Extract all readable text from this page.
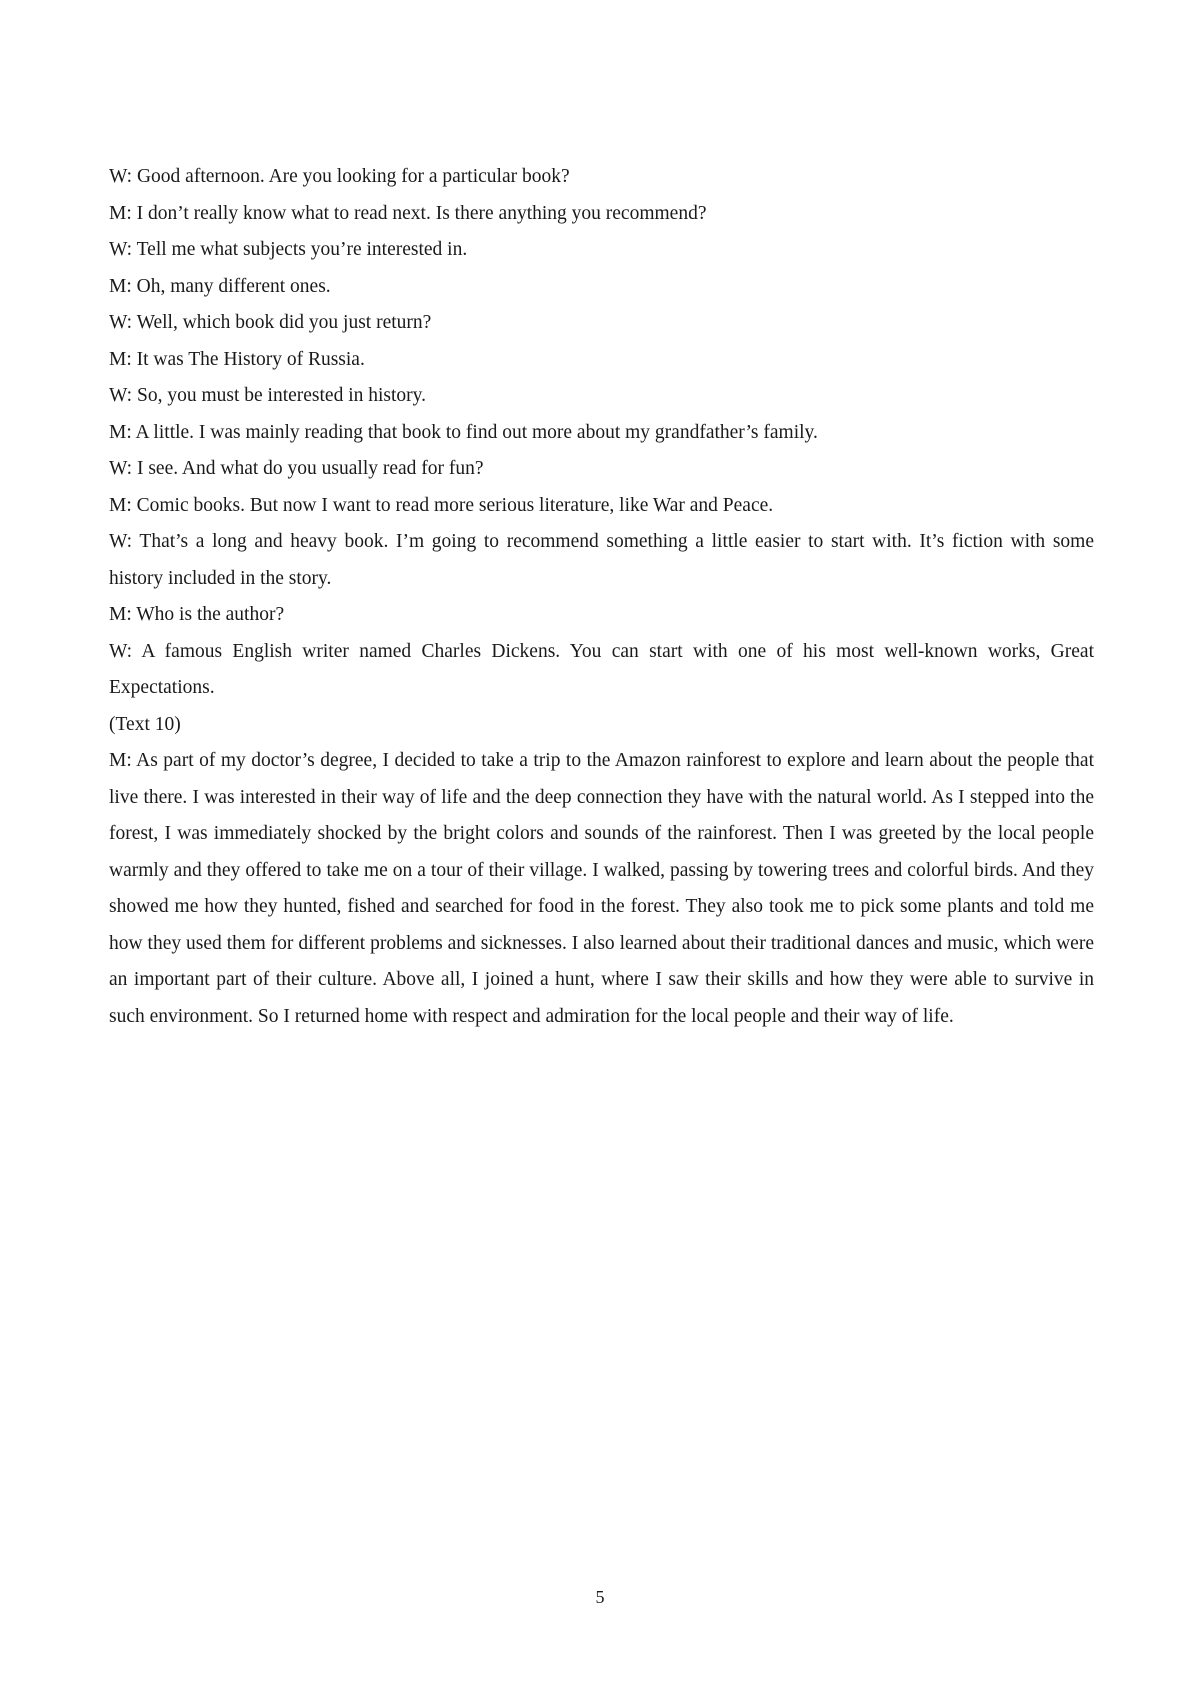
W: Good afternoon. Are you looking for a particular book?

M: I don’t really know what to read next. Is there anything you recommend?

W: Tell me what subjects you’re interested in.

M: Oh, many different ones.

W: Well, which book did you just return?

M: It was The History of Russia.

W: So, you must be interested in history.

M: A little. I was mainly reading that book to find out more about my grandfather’s family.

W: I see. And what do you usually read for fun?

M: Comic books. But now I want to read more serious literature, like War and Peace.

W: That’s a long and heavy book. I’m going to recommend something a little easier to start with. It’s fiction with some history included in the story.

M: Who is the author?

W: A famous English writer named Charles Dickens. You can start with one of his most well-known works, Great Expectations.

(Text 10)

M: As part of my doctor’s degree, I decided to take a trip to the Amazon rainforest to explore and learn about the people that live there. I was interested in their way of life and the deep connection they have with the natural world. As I stepped into the forest, I was immediately shocked by the bright colors and sounds of the rainforest. Then I was greeted by the local people warmly and they offered to take me on a tour of their village. I walked, passing by towering trees and colorful birds. And they showed me how they hunted, fished and searched for food in the forest. They also took me to pick some plants and told me how they used them for different problems and sicknesses. I also learned about their traditional dances and music, which were an important part of their culture. Above all, I joined a hunt, where I saw their skills and how they were able to survive in such environment. So I returned home with respect and admiration for the local people and their way of life.

5
